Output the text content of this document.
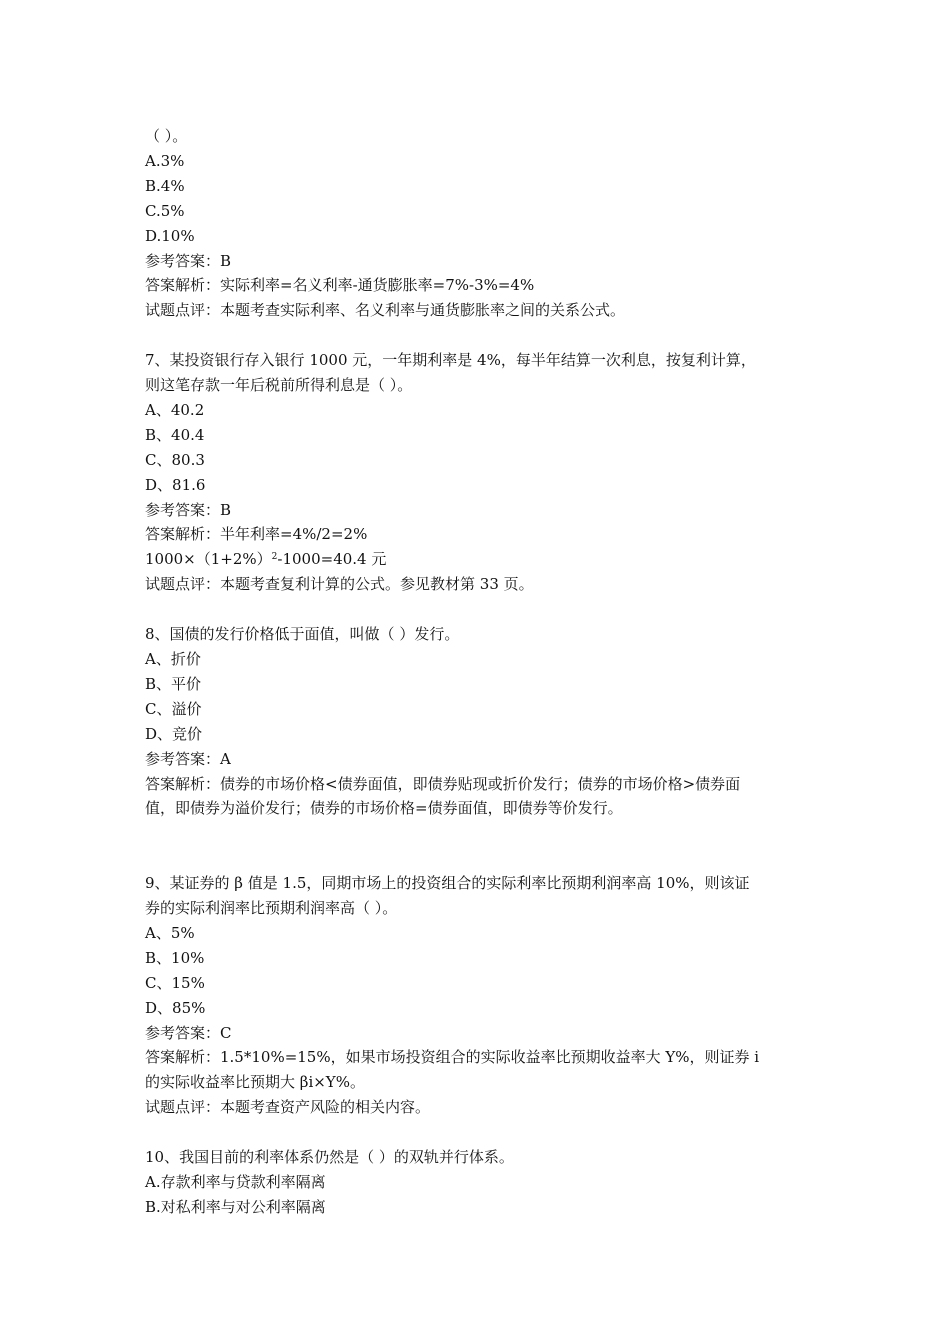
（ ）。
A.3%
B.4%
C.5%
D.10%
参考答案：B
答案解析：实际利率=名义利率-通货膨胀率=7%-3%=4%
试题点评：本题考查实际利率、名义利率与通货膨胀率之间的关系公式。
7、某投资银行存入银行 1000 元，一年期利率是 4%，每半年结算一次利息，按复利计算，
则这笔存款一年后税前所得利息是（ ）。
A、40.2
B、40.4
C、80.3
D、81.6
参考答案：B
答案解析：半年利率=4%/2=2%
$1000\times(1+2\%)^2-1000=40.4$ 元
试题点评：本题考查复利计算的公式。参见教材第 33 页。
8、国债的发行价格低于面值，叫做（ ）发行。
A、折价
B、平价
C、溢价
D、竞价
参考答案：A
答案解析：债券的市场价格<债券面值，即债券贴现或折价发行；债券的市场价格>债券面
值，即债券为溢价发行；债券的市场价格=债券面值，即债券等价发行。
9、某证券的 β 值是 1.5，同期市场上的投资组合的实际利率比预期利润率高 10%，则该证
券的实际利润率比预期利润率高（ ）。
A、5%
B、10%
C、15%
D、85%
参考答案：C
答案解析：1.5*10%=15%，如果市场投资组合的实际收益率比预期收益率大 Y%，则证券 i
的实际收益率比预期大 βi×Y%。
试题点评：本题考查资产风险的相关内容。
10、我国目前的利率体系仍然是（ ）的双轨并行体系。
A.存款利率与贷款利率隔离
B.对私利率与对公利率隔离
